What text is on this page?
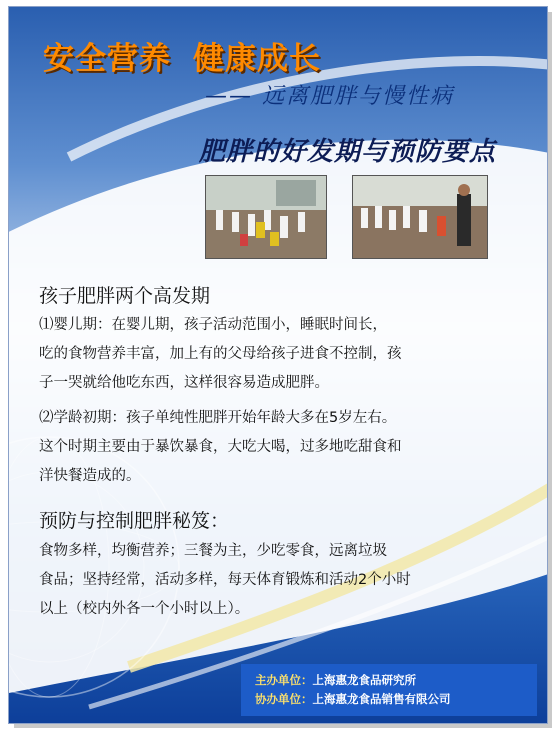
安全营养 健康成长
—— 远离肥胖与慢性病
肥胖的好发期与预防要点
孩子肥胖两个高发期
⑴婴儿期：在婴儿期，孩子活动范围小，睡眠时间长，
吃的食物营养丰富，加上有的父母给孩子进食不控制，孩
子一哭就给他吃东西，这样很容易造成肥胖。
⑵学龄初期：孩子单纯性肥胖开始年龄大多在5岁左右。
这个时期主要由于暴饮暴食，大吃大喝，过多地吃甜食和
洋快餐造成的。
预防与控制肥胖秘笈：
食物多样，均衡营养；三餐为主，少吃零食，远离垃圾
食品；坚持经常，活动多样，每天体育锻炼和活动2个小时
以上（校内外各一个小时以上）。
主办单位：上海惠龙食品研究所
协办单位：上海惠龙食品销售有限公司
